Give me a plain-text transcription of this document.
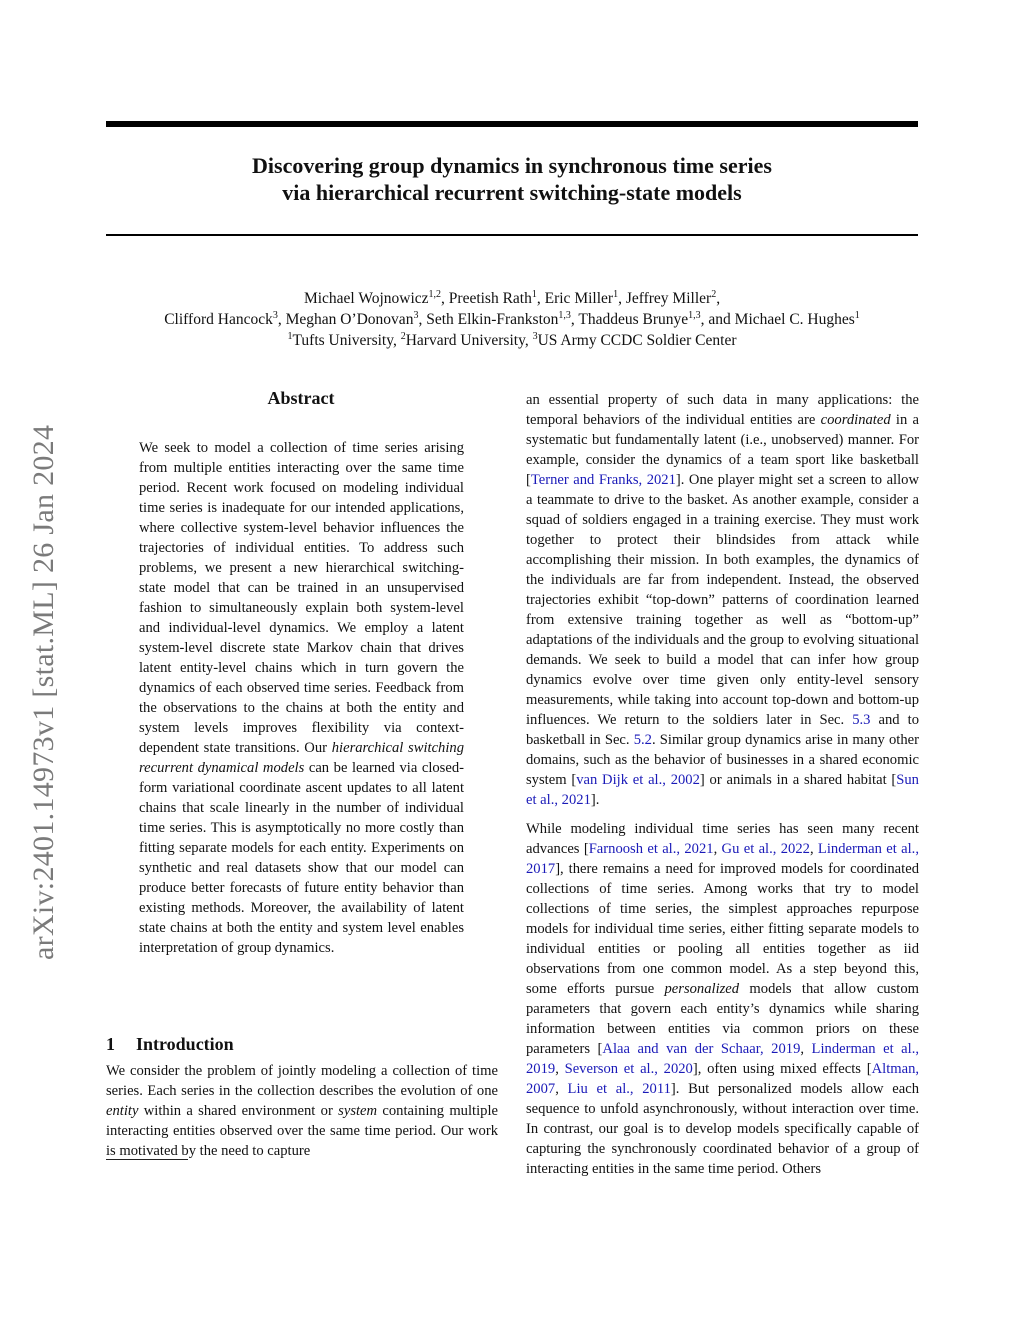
Discovering group dynamics in synchronous time series
via hierarchical recurrent switching-state models
Michael Wojnowicz$^{1,2}$, Preetish Rath$^1$, Eric Miller$^1$, Jeffrey Miller$^2$,
Clifford Hancock$^3$, Meghan O’Donovan$^3$, Seth Elkin-Frankston$^{1,3}$, Thaddeus Brunye$^{1,3}$, and Michael C. Hughes$^1$
$^1$Tufts University, $^2$Harvard University, $^3$US Army CCDC Soldier Center
arXiv:2401.14973v1 [stat.ML] 26 Jan 2024
Abstract
We seek to model a collection of time series arising from multiple entities interacting over the same time period. Recent work focused on modeling individual time series is inadequate for our intended applications, where collective system-level behavior influences the trajectories of individual entities. To address such problems, we present a new hierarchical switching-state model that can be trained in an unsupervised fashion to simultaneously explain both system-level and individual-level dynamics. We employ a latent system-level discrete state Markov chain that drives latent entity-level chains which in turn govern the dynamics of each observed time series. Feedback from the observations to the chains at both the entity and system levels improves flexibility via context-dependent state transitions. Our hierarchical switching recurrent dynamical models can be learned via closed-form variational coordinate ascent updates to all latent chains that scale linearly in the number of individual time series. This is asymptotically no more costly than fitting separate models for each entity. Experiments on synthetic and real datasets show that our model can produce better forecasts of future entity behavior than existing methods. Moreover, the availability of latent state chains at both the entity and system level enables interpretation of group dynamics.
1 Introduction
We consider the problem of jointly modeling a collection of time series. Each series in the collection describes the evolution of one entity within a shared environment or system containing multiple interacting entities observed over the same time period. Our work is motivated by the need to capture

an essential property of such data in many applications: the temporal behaviors of the individual entities are coordinated in a systematic but fundamentally latent (i.e., unobserved) manner. For example, consider the dynamics of a team sport like basketball [Terner and Franks, 2021]. One player might set a screen to allow a teammate to drive to the basket. As another example, consider a squad of soldiers engaged in a training exercise. They must work together to protect their blindsides from attack while accomplishing their mission. In both examples, the dynamics of the individuals are far from independent. Instead, the observed trajectories exhibit “top-down” patterns of coordination learned from extensive training together as well as “bottom-up” adaptations of the individuals and the group to evolving situational demands. We seek to build a model that can infer how group dynamics evolve over time given only entity-level sensory measurements, while taking into account top-down and bottom-up influences. We return to the soldiers later in Sec. 5.3 and to basketball in Sec. 5.2. Similar group dynamics arise in many other domains, such as the behavior of businesses in a shared economic system [van Dijk et al., 2002] or animals in a shared habitat [Sun et al., 2021].

While modeling individual time series has seen many recent advances [Farnoosh et al., 2021, Gu et al., 2022, Linderman et al., 2017], there remains a need for improved models for coordinated collections of time series. Among works that try to model collections of time series, the simplest approaches repurpose models for individual time series, either fitting separate models to individual entities or pooling all entities together as iid observations from one common model. As a step beyond this, some efforts pursue personalized models that allow custom parameters that govern each entity’s dynamics while sharing information between entities via common priors on these parameters [Alaa and van der Schaar, 2019, Linderman et al., 2019, Severson et al., 2020], often using mixed effects [Altman, 2007, Liu et al., 2011]. But personalized models allow each sequence to unfold asynchronously, without interaction over time. In contrast, our goal is to develop models specifically capable of capturing the synchronously coordinated behavior of a group of interacting entities in the same time period. Others
